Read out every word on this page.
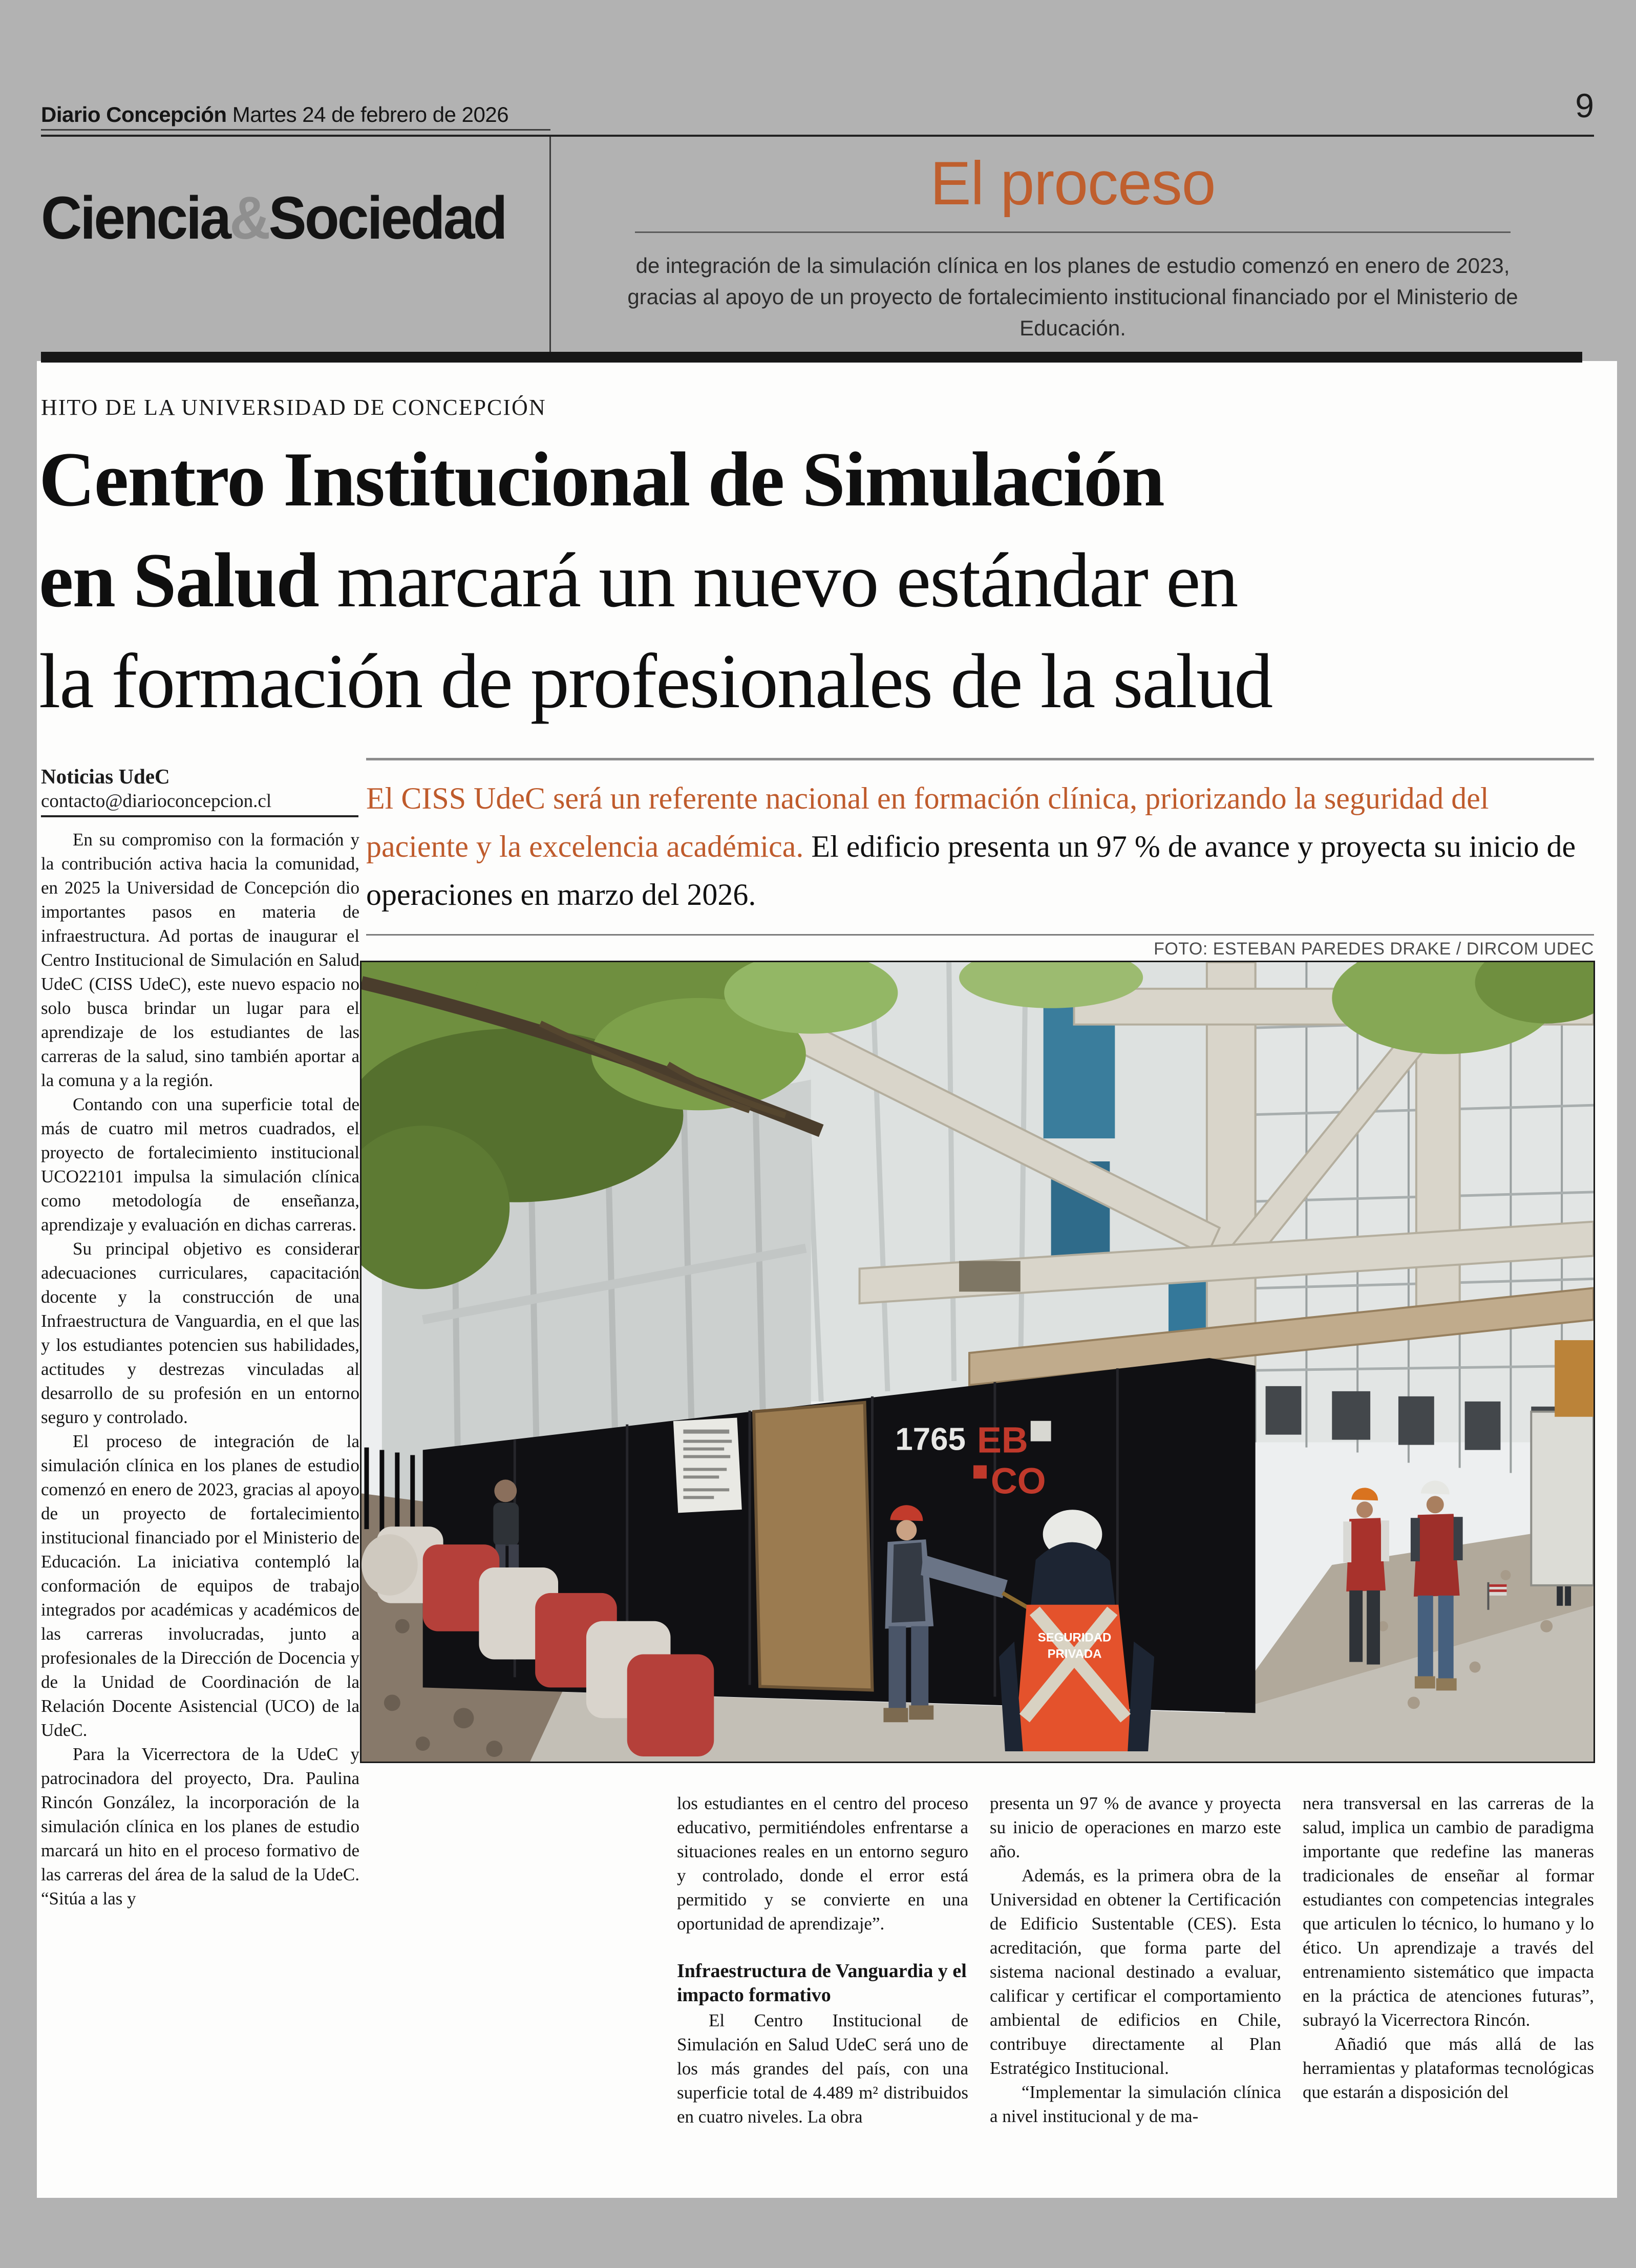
Diario Concepción Martes 24 de febrero de 2026	9
Ciencia&Sociedad
El proceso
de integración de la simulación clínica en los planes de estudio comenzó en enero de 2023, gracias al apoyo de un proyecto de fortalecimiento institucional financiado por el Ministerio de Educación.
HITO DE LA UNIVERSIDAD DE CONCEPCIÓN
Centro Institucional de Simulación
en Salud marcará un nuevo estándar en
la formación de profesionales de la salud
Noticias UdeC
contacto@diarioconcepcion.cl	El CISS UdeC será un referente nacional en formación clínica, priorizando la seguridad del paciente y la excelencia académica. El edificio presenta un 97 % de avance y proyecta su inicio de operaciones en marzo del 2026.
FOTO: ESTEBAN PAREDES DRAKE / DIRCOM UDEC
1765 EB
CO
SEGURIDAD
PRIVADA

En su compromiso con la formación y la contribución activa hacia la comunidad, en 2025 la Universidad de Concepción dio importantes pasos en materia de infraestructura. Ad portas de inaugurar el Centro Institucional de Simulación en Salud UdeC (CISS UdeC), este nuevo espacio no solo busca brindar un lugar para el aprendizaje de los estudiantes de las carreras de la salud, sino también aportar a la comuna y a la región.

Contando con una superficie total de más de cuatro mil metros cuadrados, el proyecto de fortalecimiento institucional UCO22101 impulsa la simulación clínica como metodología de enseñanza, aprendizaje y evaluación en dichas carreras.

Su principal objetivo es considerar adecuaciones curriculares, capacitación docente y la construcción de una Infraestructura de Vanguardia, en el que las y los estudiantes potencien sus habilidades, actitudes y destrezas vinculadas al desarrollo de su profesión en un entorno seguro y controlado.

El proceso de integración de la simulación clínica en los planes de estudio comenzó en enero de 2023, gracias al apoyo de un proyecto de fortalecimiento institucional financiado por el Ministerio de Educación. La iniciativa contempló la conformación de equipos de trabajo integrados por académicas y académicos de las carreras involucradas, junto a profesionales de la Dirección de Docencia y de la Unidad de Coordinación de la Relación Docente Asistencial (UCO) de la UdeC.

Para la Vicerrectora de la UdeC y patrocinadora del proyecto, Dra. Paulina Rincón González, la incorporación de la simulación clínica en los planes de estudio marcará un hito en el proceso formativo de las carreras del área de la salud de la UdeC. “Sitúa a las y

los estudiantes en el centro del proceso educativo, permitiéndoles enfrentarse a situaciones reales en un entorno seguro y controlado, donde el error está permitido y se convierte en una oportunidad de aprendizaje”.

Infraestructura de Vanguardia y el impacto formativo

El Centro Institucional de Simulación en Salud UdeC será uno de los más grandes del país, con una superficie total de 4.489 m² distribuidos en cuatro niveles. La obra

presenta un 97 % de avance y proyecta su inicio de operaciones en marzo este año.

Además, es la primera obra de la Universidad en obtener la Certificación de Edificio Sustentable (CES). Esta acreditación, que forma parte del sistema nacional destinado a evaluar, calificar y certificar el comportamiento ambiental de edificios en Chile, contribuye directamente al Plan Estratégico Institucional.

“Implementar la simulación clínica a nivel institucional y de ma-

nera transversal en las carreras de la salud, implica un cambio de paradigma importante que redefine las maneras tradicionales de enseñar al formar estudiantes con competencias integrales que articulen lo técnico, lo humano y lo ético. Un aprendizaje a través del entrenamiento sistemático que impacta en la práctica de atenciones futuras”, subrayó la Vicerrectora Rincón.

Añadió que más allá de las herramientas y plataformas tecnológicas que estarán a disposición del
